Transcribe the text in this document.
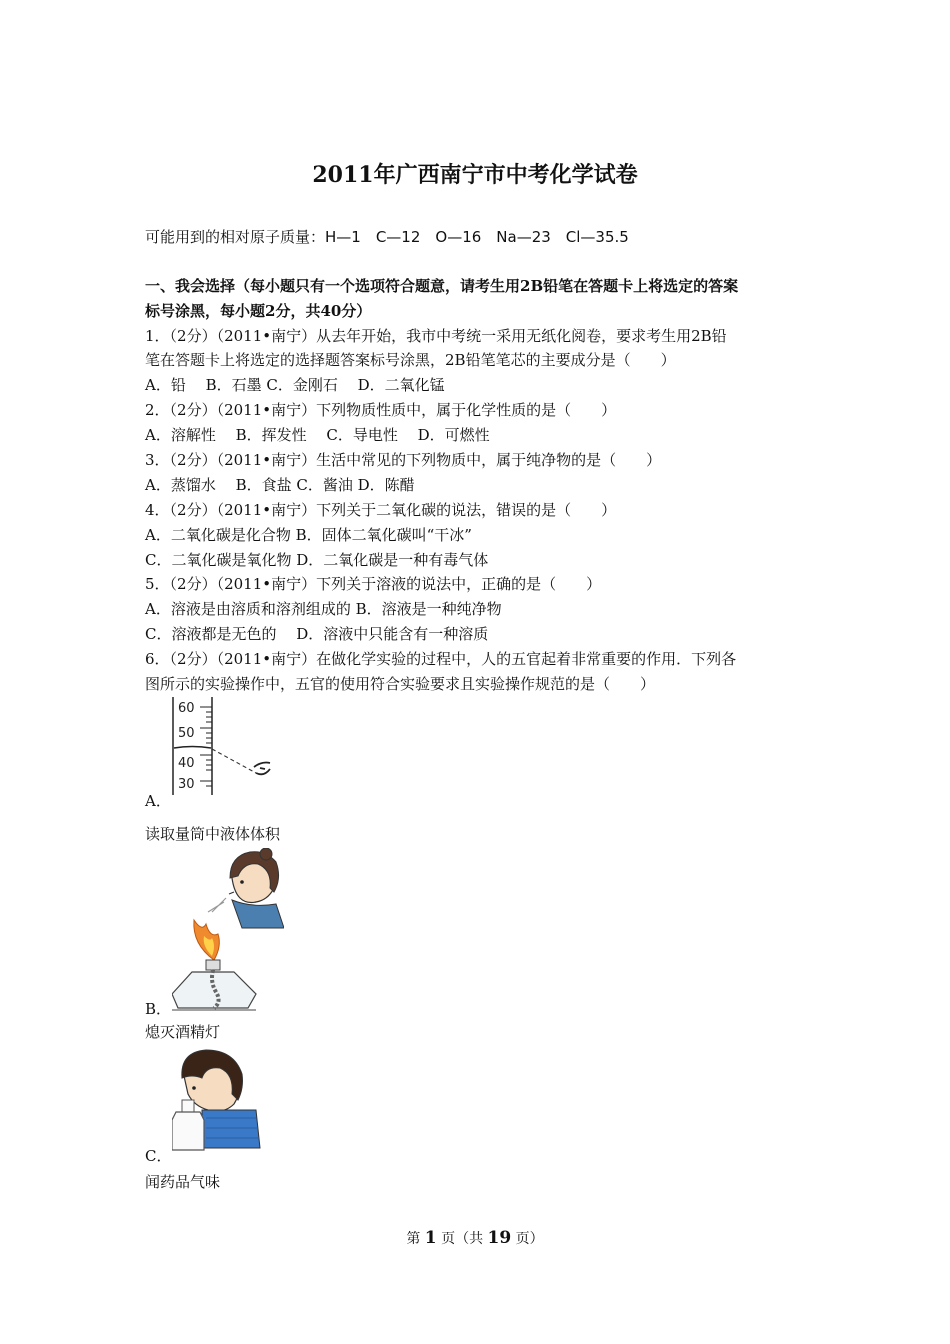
2011年广西南宁市中考化学试卷
可能用到的相对原子质量：H—1　C—12　O—16　Na—23　Cl—35.5
一、我会选择（每小题只有一个选项符合题意，请考生用2B铅笔在答题卡上将选定的答案
标号涂黑，每小题2分，共40分）
1．（2分）（2011•南宁）从去年开始，我市中考统一采用无纸化阅卷，要求考生用2B铅
笔在答题卡上将选定的选择题答案标号涂黑，2B铅笔笔芯的主要成分是（　　）
A．铅　 B．石墨 C．金刚石　 D．二氧化锰
2．（2分）（2011•南宁）下列物质性质中，属于化学性质的是（　　）
A．溶解性　 B．挥发性　 C．导电性　 D．可燃性
3．（2分）（2011•南宁）生活中常见的下列物质中，属于纯净物的是（　　）
A．蒸馏水　 B．食盐 C．酱油 D．陈醋
4．（2分）（2011•南宁）下列关于二氧化碳的说法，错误的是（　　）
A．二氧化碳是化合物 B．固体二氧化碳叫“干冰”
C．二氧化碳是氧化物 D．二氧化碳是一种有毒气体
5．（2分）（2011•南宁）下列关于溶液的说法中，正确的是（　　）
A．溶液是由溶质和溶剂组成的 B．溶液是一种纯净物
C．溶液都是无色的　 D．溶液中只能含有一种溶质
6．（2分）（2011•南宁）在做化学实验的过程中，人的五官起着非常重要的作用．下列各
图所示的实验操作中，五官的使用符合实验要求且实验操作规范的是（　　）
60
50
40
30
A．
读取量筒中液体体积
B．
熄灭酒精灯
C．
闻药品气味
第 1 页（共 19 页）
